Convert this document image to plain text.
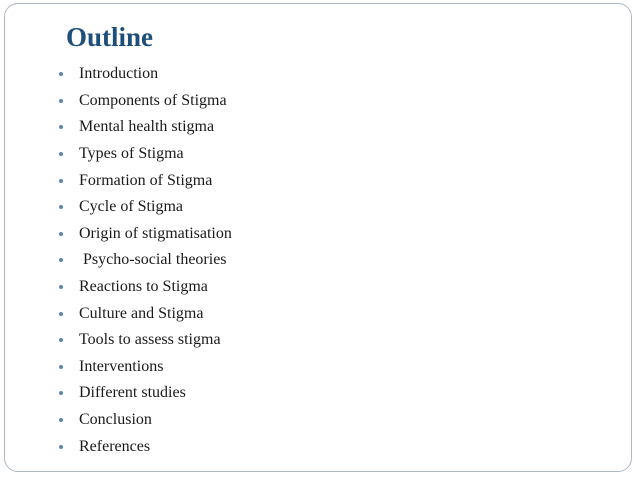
Outline
Introduction
Components of Stigma
Mental health stigma
Types of Stigma
Formation of Stigma
Cycle of Stigma
Origin of stigmatisation
Psycho-social theories
Reactions to Stigma
Culture and Stigma
Tools to assess stigma
Interventions
Different studies
Conclusion
References
